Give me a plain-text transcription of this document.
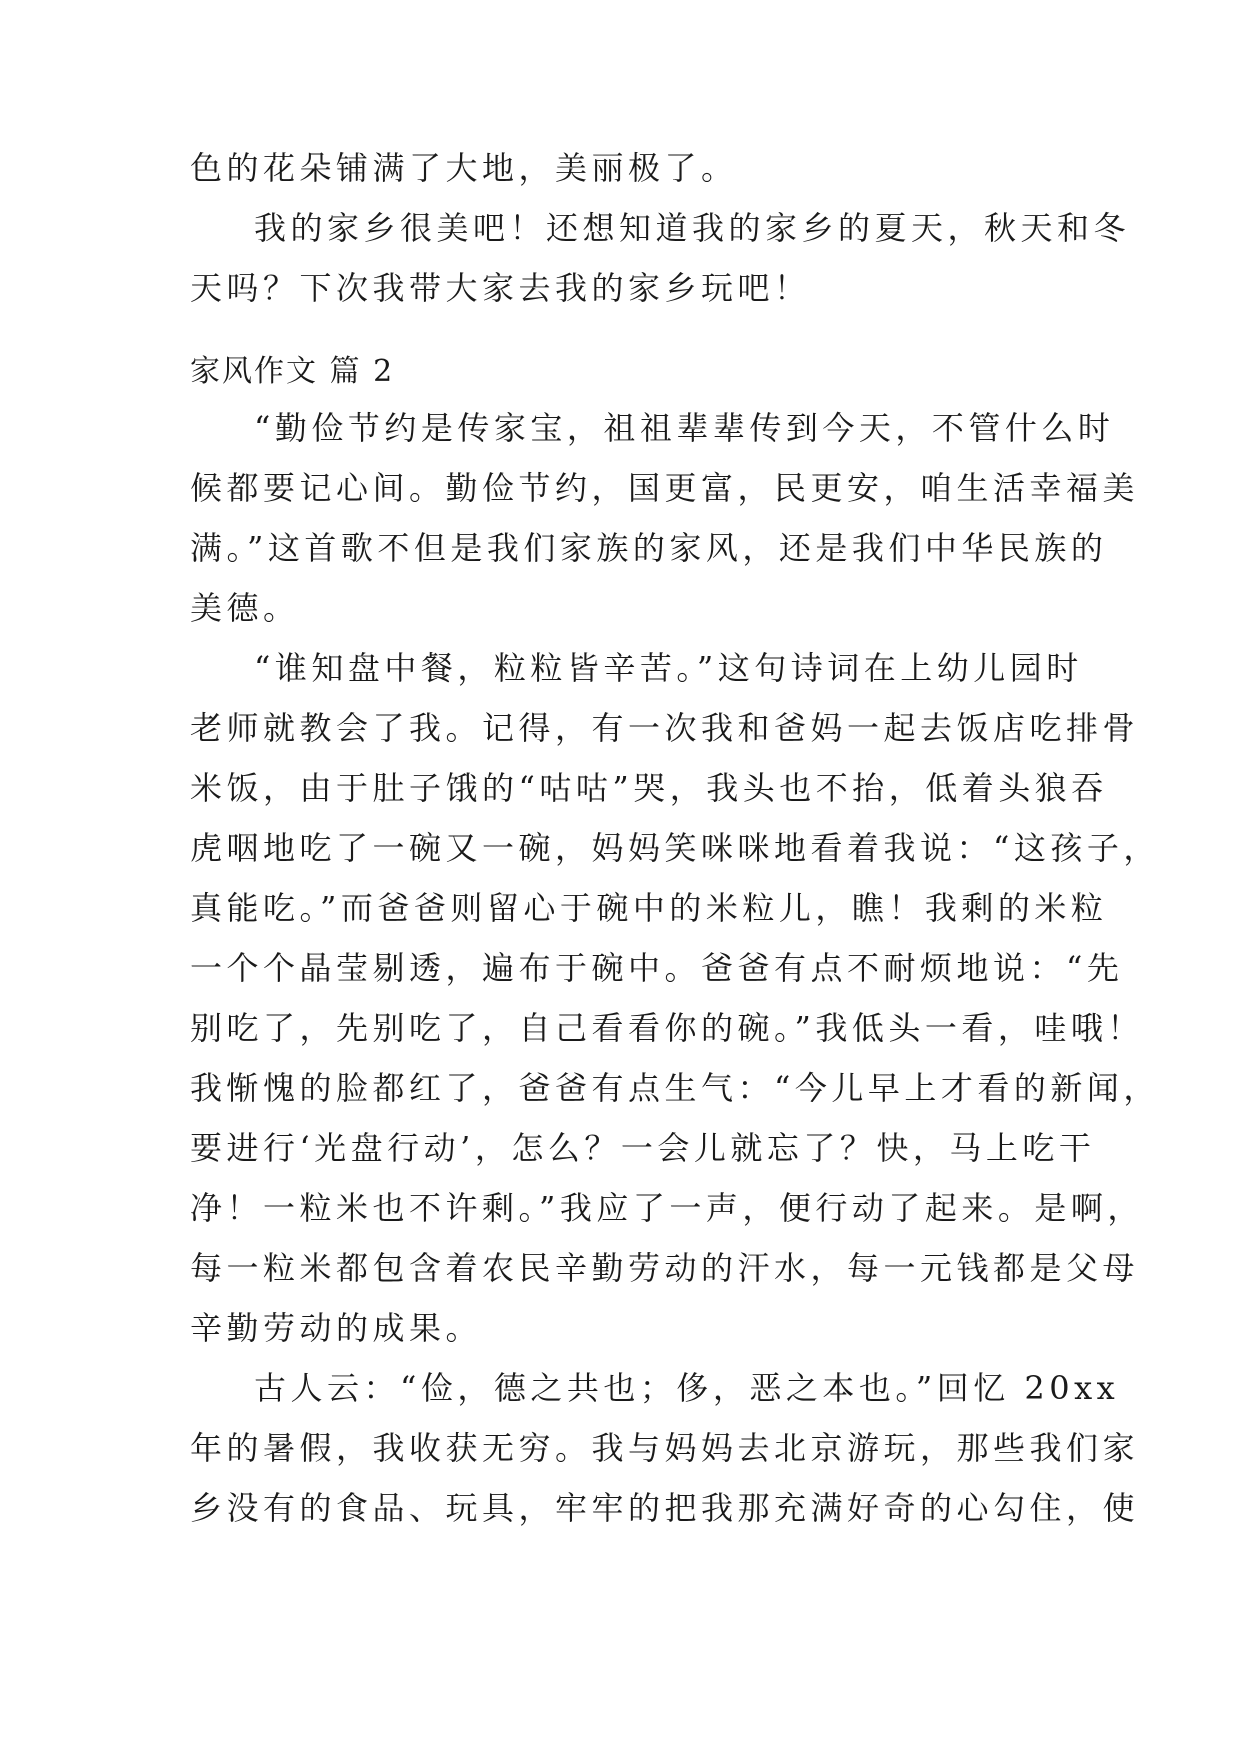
色的花朵铺满了大地，美丽极了。

我的家乡很美吧！还想知道我的家乡的夏天，秋天和冬

天吗？下次我带大家去我的家乡玩吧！

家风作文 篇 2

“勤俭节约是传家宝，祖祖辈辈传到今天，不管什么时

候都要记心间。勤俭节约，国更富，民更安，咱生活幸福美

满。”这首歌不但是我们家族的家风，还是我们中华民族的

美德。

“谁知盘中餐，粒粒皆辛苦。”这句诗词在上幼儿园时

老师就教会了我。记得，有一次我和爸妈一起去饭店吃排骨

米饭，由于肚子饿的“咕咕”哭，我头也不抬，低着头狼吞

虎咽地吃了一碗又一碗，妈妈笑咪咪地看着我说：“这孩子，

真能吃。”而爸爸则留心于碗中的米粒儿，瞧！我剩的米粒

一个个晶莹剔透，遍布于碗中。爸爸有点不耐烦地说：“先

别吃了，先别吃了，自己看看你的碗。”我低头一看，哇哦！

我惭愧的脸都红了，爸爸有点生气：“今儿早上才看的新闻，

要进行‘光盘行动’，怎么？一会儿就忘了？快，马上吃干

净！一粒米也不许剩。”我应了一声，便行动了起来。是啊，

每一粒米都包含着农民辛勤劳动的汗水，每一元钱都是父母

辛勤劳动的成果。

古人云：“俭，德之共也；侈，恶之本也。”回忆 20xx

年的暑假，我收获无穷。我与妈妈去北京游玩，那些我们家

乡没有的食品、玩具，牢牢的把我那充满好奇的心勾住，使
